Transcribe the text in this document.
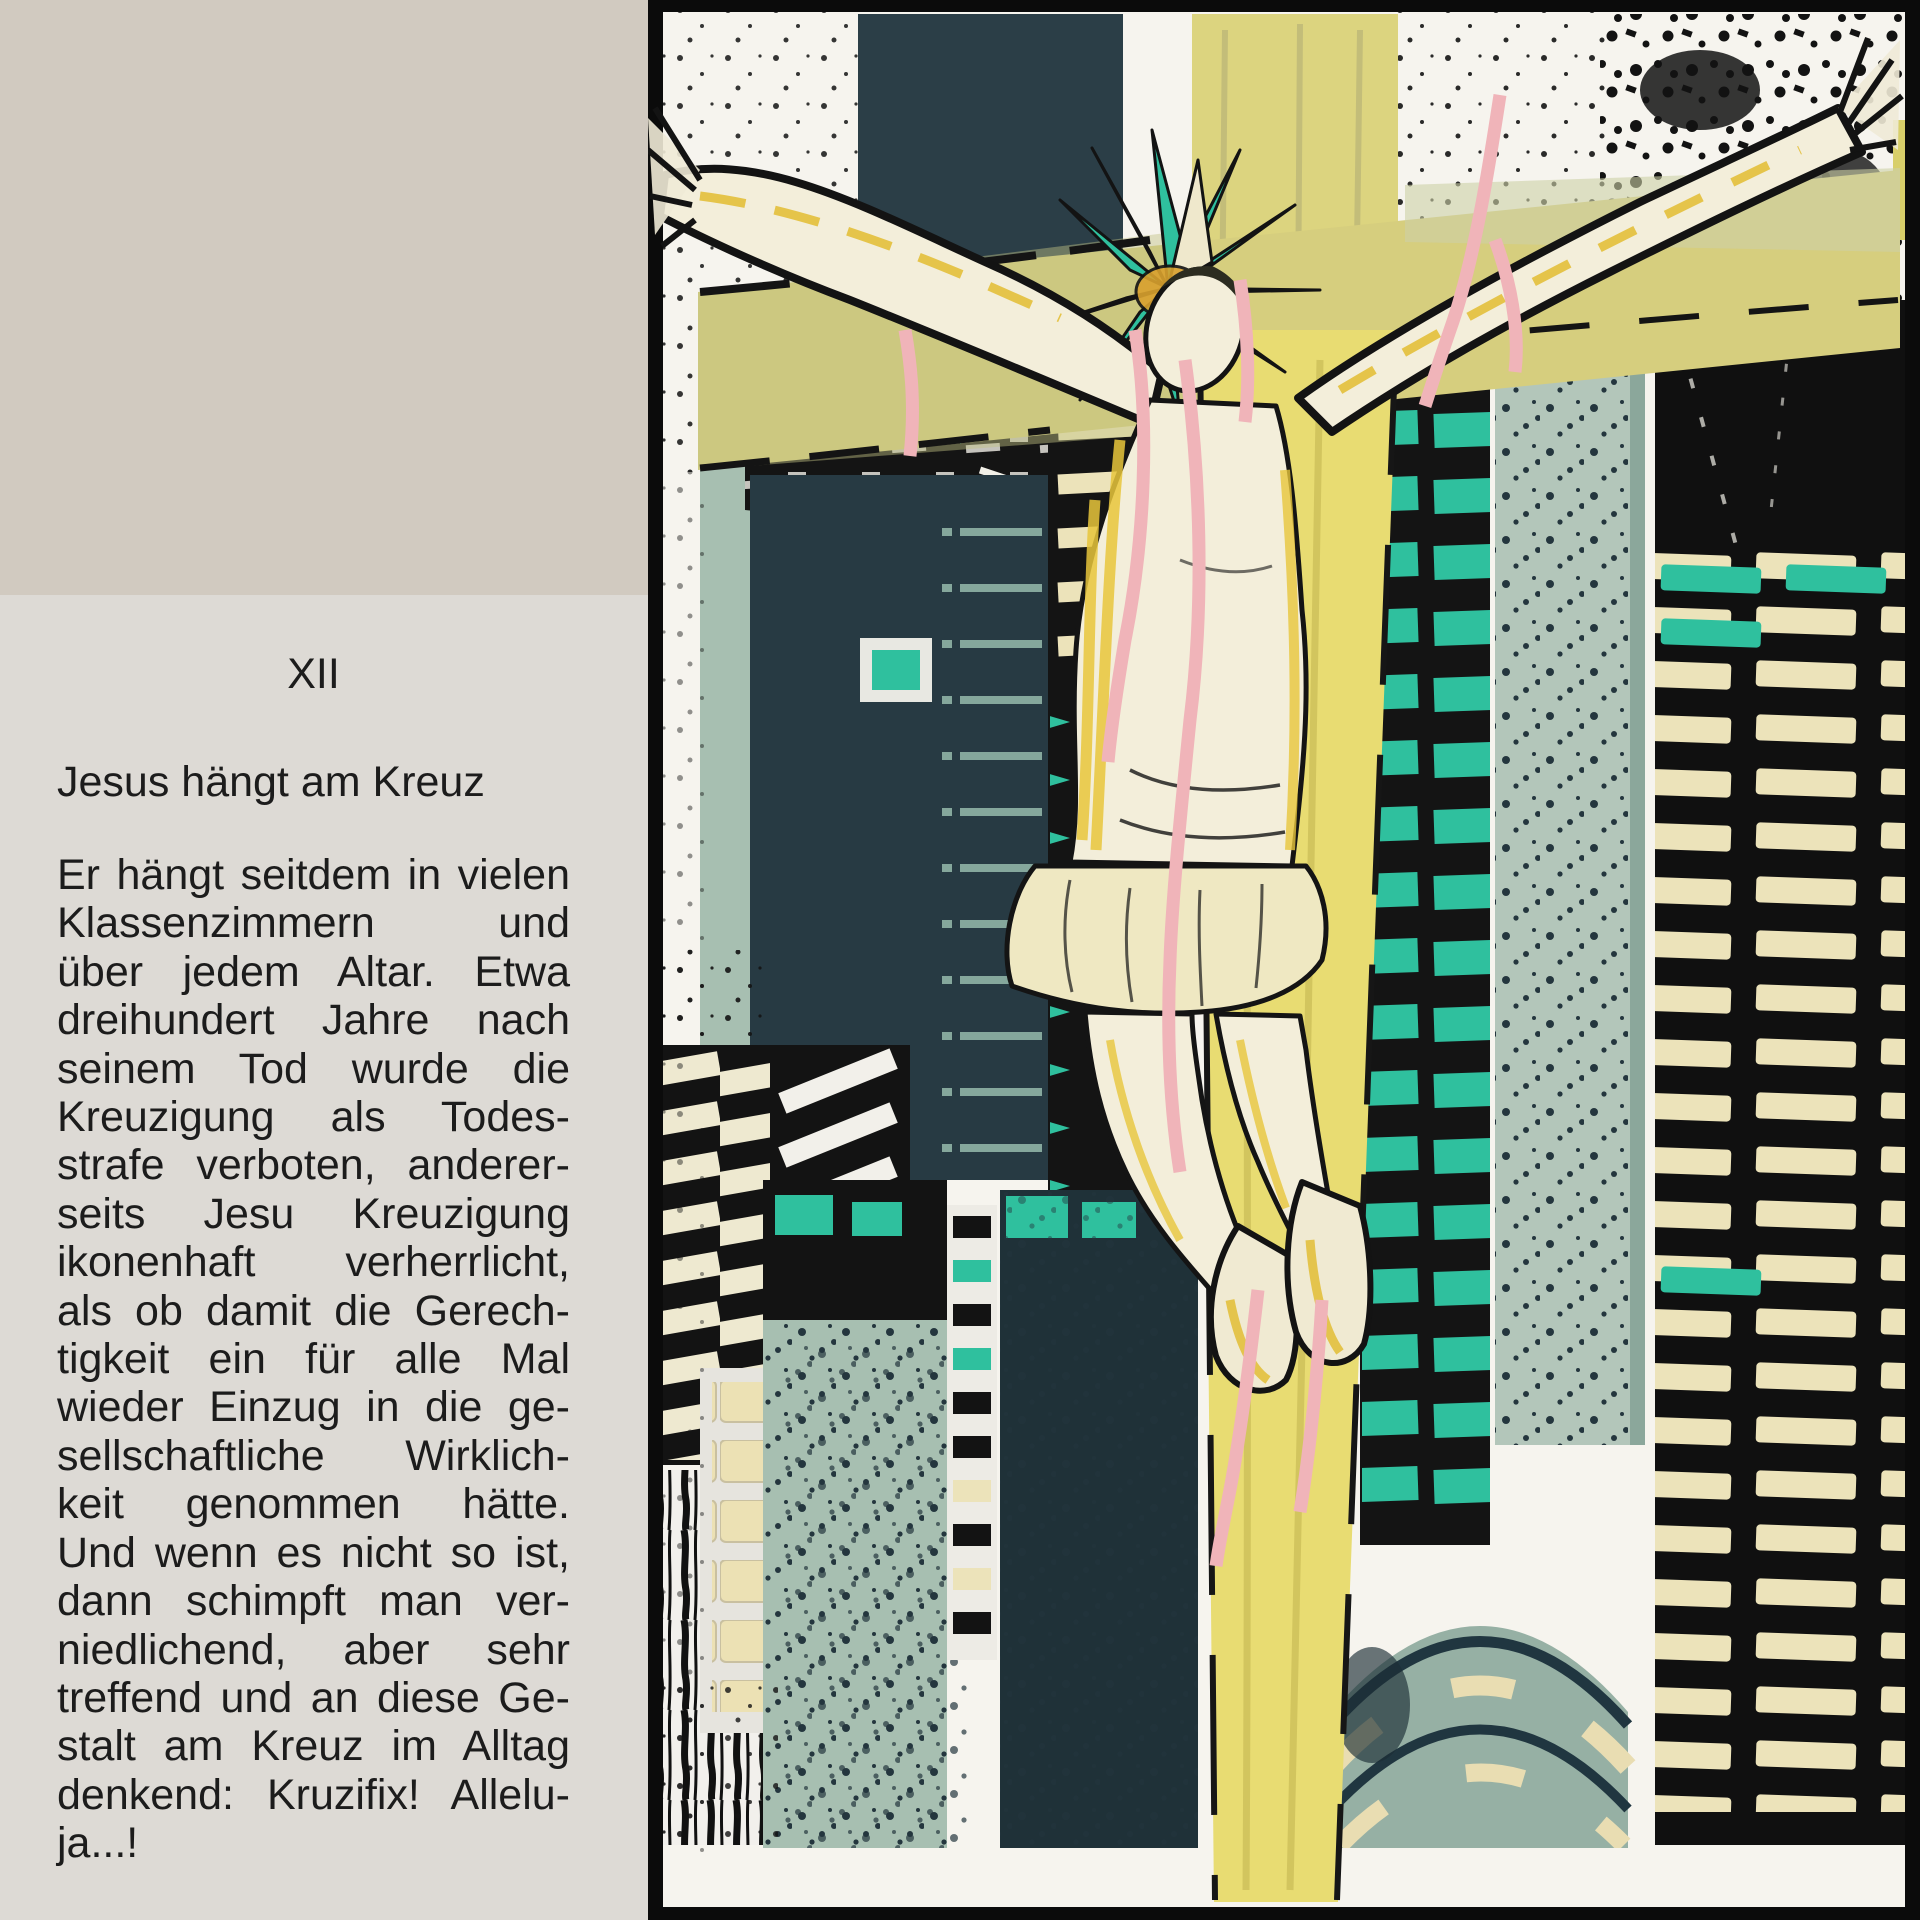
XII
Jesus hängt am Kreuz
Er hängt seitdem in vielen
Klassenzimmern und
über jedem Altar. Etwa
dreihundert Jahre nach
seinem Tod wurde die
Kreuzigung als Todes-
strafe verboten, anderer-
seits Jesu Kreuzigung
ikonenhaft verherrlicht,
als ob damit die Gerech-
tigkeit ein für alle Mal
wieder Einzug in die ge-
sellschaftliche Wirklich-
keit genommen hätte.
Und wenn es nicht so ist,
dann schimpft man ver-
niedlichend, aber sehr
treffend und an diese Ge-
stalt am Kreuz im Alltag
denkend: Kruzifix! Allelu-
ja...!
